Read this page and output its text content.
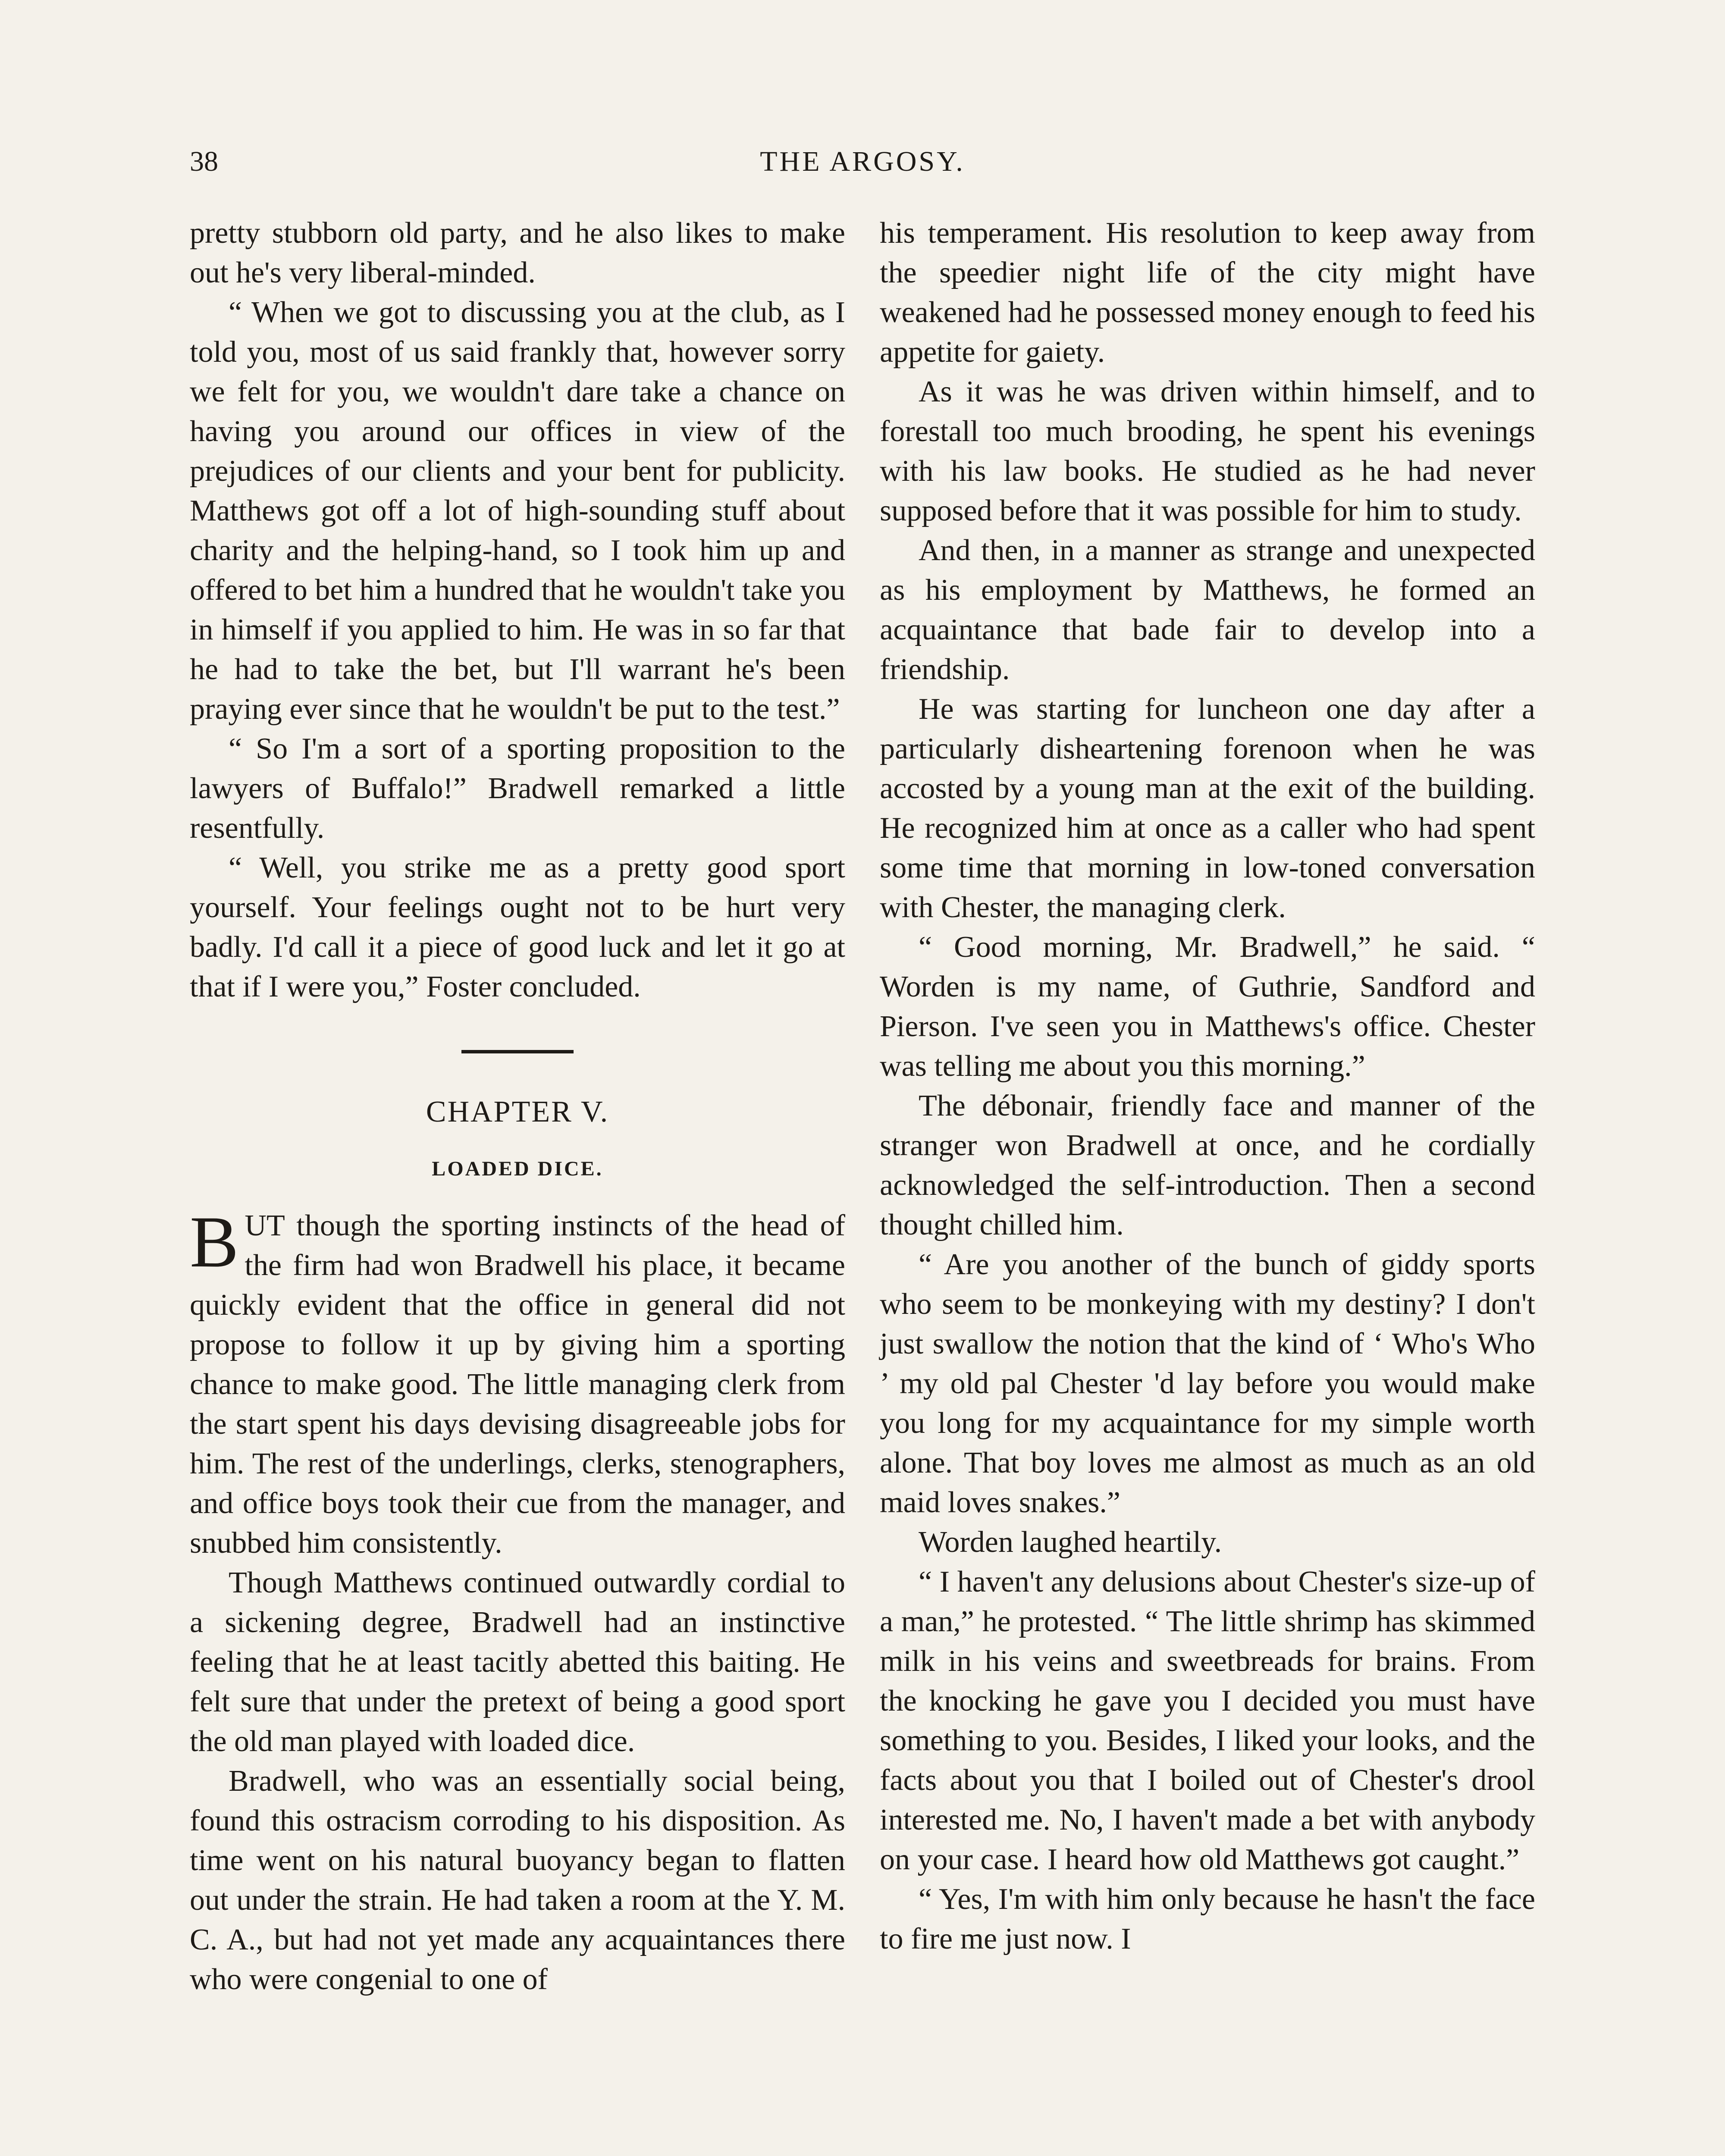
38	THE ARGOSY.

pretty stubborn old party, and he also likes to make out he's very liberal-minded.

“ When we got to discussing you at the club, as I told you, most of us said frankly that, however sorry we felt for you, we wouldn't dare take a chance on having you around our offices in view of the prejudices of our clients and your bent for publicity. Matthews got off a lot of high-sounding stuff about charity and the helping-hand, so I took him up and offered to bet him a hundred that he wouldn't take you in himself if you applied to him. He was in so far that he had to take the bet, but I'll warrant he's been praying ever since that he wouldn't be put to the test.”

“ So I'm a sort of a sporting proposition to the lawyers of Buffalo!” Bradwell remarked a little resentfully.

“ Well, you strike me as a pretty good sport yourself. Your feelings ought not to be hurt very badly. I'd call it a piece of good luck and let it go at that if I were you,” Foster concluded.

CHAPTER V.
LOADED DICE.

BUT though the sporting instincts of the head of the firm had won Bradwell his place, it became quickly evident that the office in general did not propose to follow it up by giving him a sporting chance to make good. The little managing clerk from the start spent his days devising disagreeable jobs for him. The rest of the underlings, clerks, stenographers, and office boys took their cue from the manager, and snubbed him consistently.

Though Matthews continued outwardly cordial to a sickening degree, Bradwell had an instinctive feeling that he at least tacitly abetted this baiting. He felt sure that under the pretext of being a good sport the old man played with loaded dice.

Bradwell, who was an essentially social being, found this ostracism corroding to his disposition. As time went on his natural buoyancy began to flatten out under the strain. He had taken a room at the Y. M. C. A., but had not yet made any acquaintances there who were congenial to one of

his temperament. His resolution to keep away from the speedier night life of the city might have weakened had he possessed money enough to feed his appetite for gaiety.

As it was he was driven within himself, and to forestall too much brooding, he spent his evenings with his law books. He studied as he had never supposed before that it was possible for him to study.

And then, in a manner as strange and unexpected as his employment by Matthews, he formed an acquaintance that bade fair to develop into a friendship.

He was starting for luncheon one day after a particularly disheartening forenoon when he was accosted by a young man at the exit of the building. He recognized him at once as a caller who had spent some time that morning in low-toned conversation with Chester, the managing clerk.

“ Good morning, Mr. Bradwell,” he said. “ Worden is my name, of Guthrie, Sandford and Pierson. I've seen you in Matthews's office. Chester was telling me about you this morning.”

The débonair, friendly face and manner of the stranger won Bradwell at once, and he cordially acknowledged the self-introduction. Then a second thought chilled him.

“ Are you another of the bunch of giddy sports who seem to be monkeying with my destiny? I don't just swallow the notion that the kind of ‘ Who's Who ’ my old pal Chester 'd lay before you would make you long for my acquaintance for my simple worth alone. That boy loves me almost as much as an old maid loves snakes.”

Worden laughed heartily.

“ I haven't any delusions about Chester's size-up of a man,” he protested. “ The little shrimp has skimmed milk in his veins and sweetbreads for brains. From the knocking he gave you I decided you must have something to you. Besides, I liked your looks, and the facts about you that I boiled out of Chester's drool interested me. No, I haven't made a bet with anybody on your case. I heard how old Matthews got caught.”

“ Yes, I'm with him only because he hasn't the face to fire me just now. I
